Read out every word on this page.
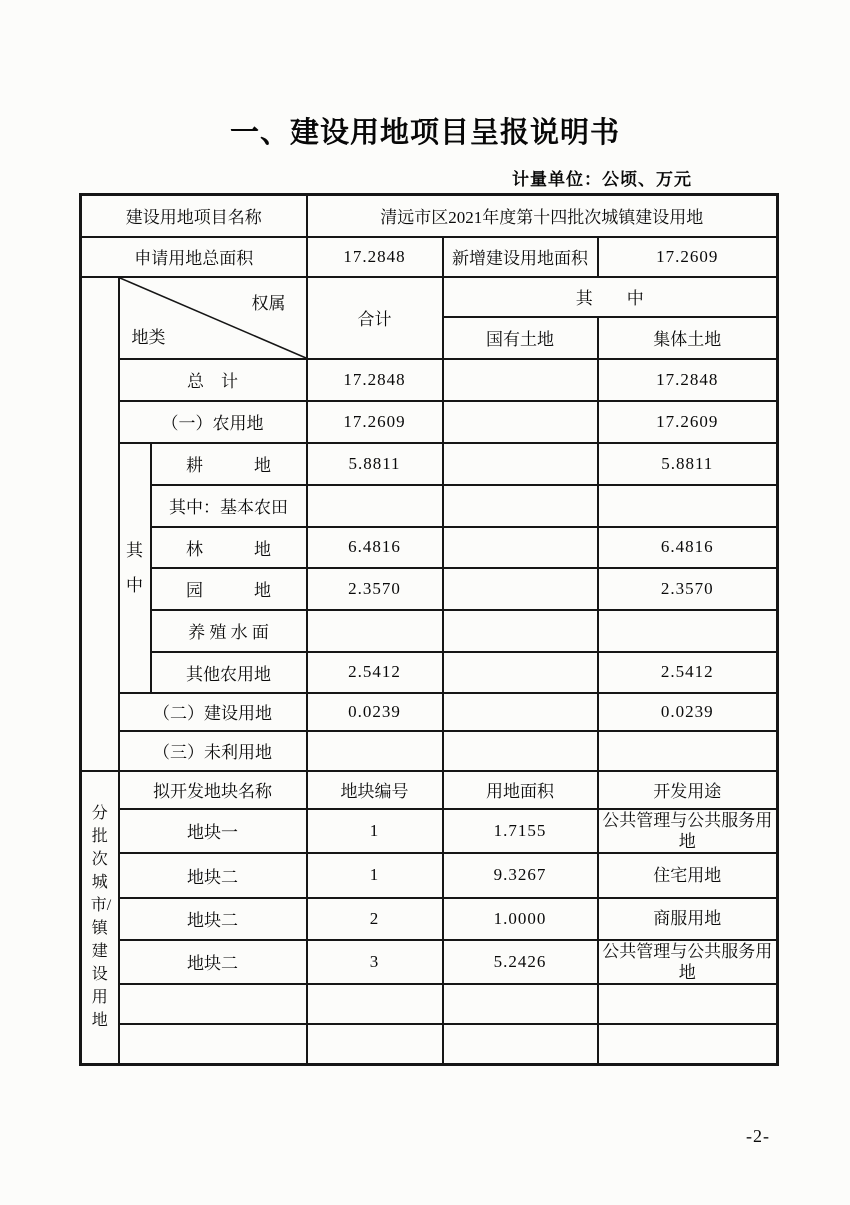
一、建设用地项目呈报说明书
计量单位：公顷、万元
建设用地项目名称			清远市区2021年度第十四批次城镇建设用地		
申请用地总面积			17.2848	新增建设用地面积	17.2609

	权属
地类		合计	其　　中	
				国有土地	集体土地
	总　计		17.2848		17.2848
	（一）农用地		17.2609		17.2609

	其中	耕　　　地	5.8811		5.8811
		其中：基本农田			
		林　　　地	6.4816		6.4816
		园　　　地	2.3570		2.3570
		养 殖 水 面			
		其他农用地	2.5412		2.5412
	（二）建设用地		0.0239		0.0239
	（三）未利用地				

分批次城市/镇建设用地	拟开发地块名称		地块编号	用地面积	开发用途
	地块一		1	1.7155	公共管理与公共服务用地
	地块二		1	9.3267	住宅用地
	地块二		2	1.0000	商服用地
	地块二		3	5.2426	公共管理与公共服务用地

-2-
